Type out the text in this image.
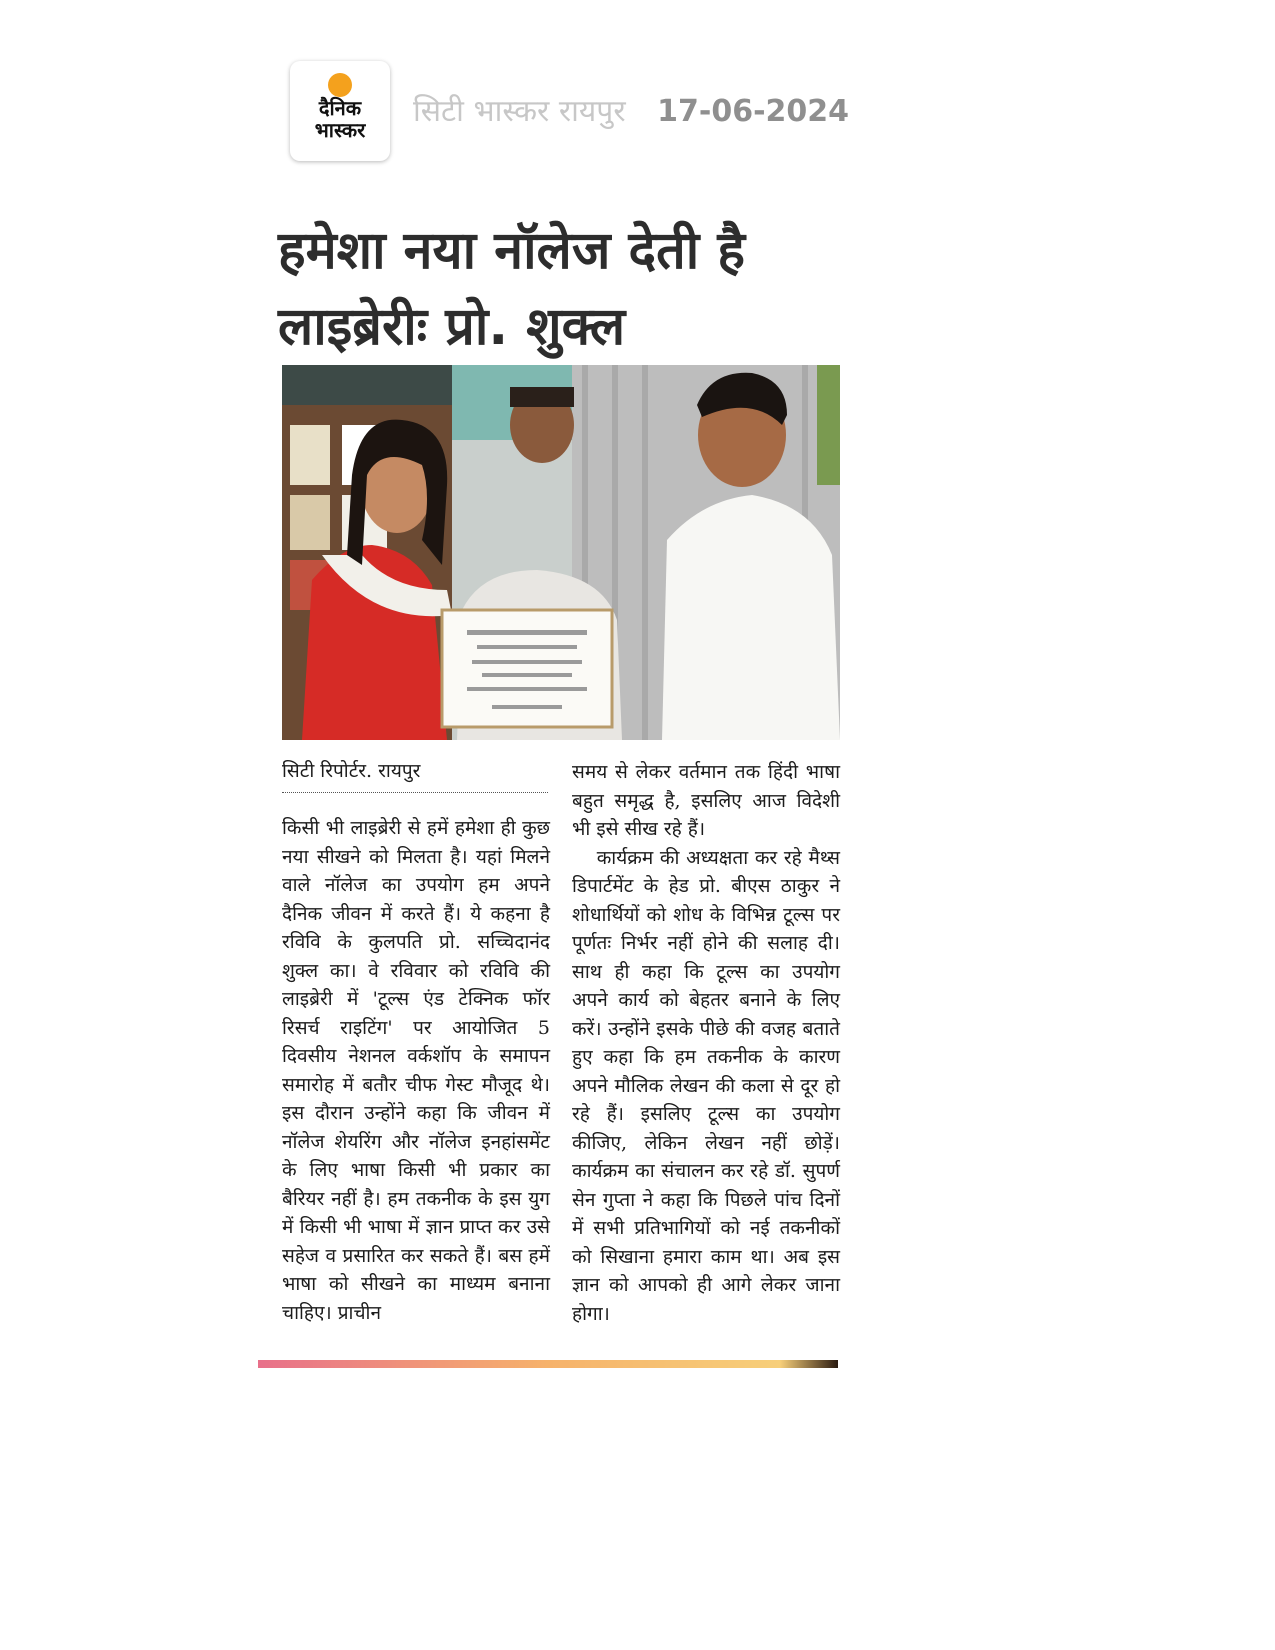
दैनिक
भास्कर
सिटी भास्कर रायपुर 17-06-2024
हमेशा नया नॉलेज देती है लाइब्रेरीः प्रो. शुक्ल
सिटी रिपोर्टर. रायपुर

किसी भी लाइब्रेरी से हमें हमेशा ही कुछ नया सीखने को मिलता है। यहां मिलने वाले नॉलेज का उपयोग हम अपने दैनिक जीवन में करते हैं। ये कहना है रविवि के कुलपति प्रो. सच्चिदानंद शुक्ल का। वे रविवार को रविवि की लाइब्रेरी में 'टूल्स एंड टेक्निक फॉर रिसर्च राइटिंग' पर आयोजित 5 दिवसीय नेशनल वर्कशॉप के समापन समारोह में बतौर चीफ गेस्ट मौजूद थे। इस दौरान उन्होंने कहा कि जीवन में नॉलेज शेयरिंग और नॉलेज इनहांसमेंट के लिए भाषा किसी भी प्रकार का बैरियर नहीं है। हम तकनीक के इस युग में किसी भी भाषा में ज्ञान प्राप्त कर उसे सहेज व प्रसारित कर सकते हैं। बस हमें भाषा को सीखने का माध्यम बनाना चाहिए। प्राचीन

समय से लेकर वर्तमान तक हिंदी भाषा बहुत समृद्ध है, इसलिए आज विदेशी भी इसे सीख रहे हैं।

कार्यक्रम की अध्यक्षता कर रहे मैथ्स डिपार्टमेंट के हेड प्रो. बीएस ठाकुर ने शोधार्थियों को शोध के विभिन्न टूल्स पर पूर्णतः निर्भर नहीं होने की सलाह दी। साथ ही कहा कि टूल्स का उपयोग अपने कार्य को बेहतर बनाने के लिए करें। उन्होंने इसके पीछे की वजह बताते हुए कहा कि हम तकनीक के कारण अपने मौलिक लेखन की कला से दूर हो रहे हैं। इसलिए टूल्स का उपयोग कीजिए, लेकिन लेखन नहीं छोड़ें। कार्यक्रम का संचालन कर रहे डॉ. सुपर्ण सेन गुप्ता ने कहा कि पिछले पांच दिनों में सभी प्रतिभागियों को नई तकनीकों को सिखाना हमारा काम था। अब इस ज्ञान को आपको ही आगे लेकर जाना होगा।
